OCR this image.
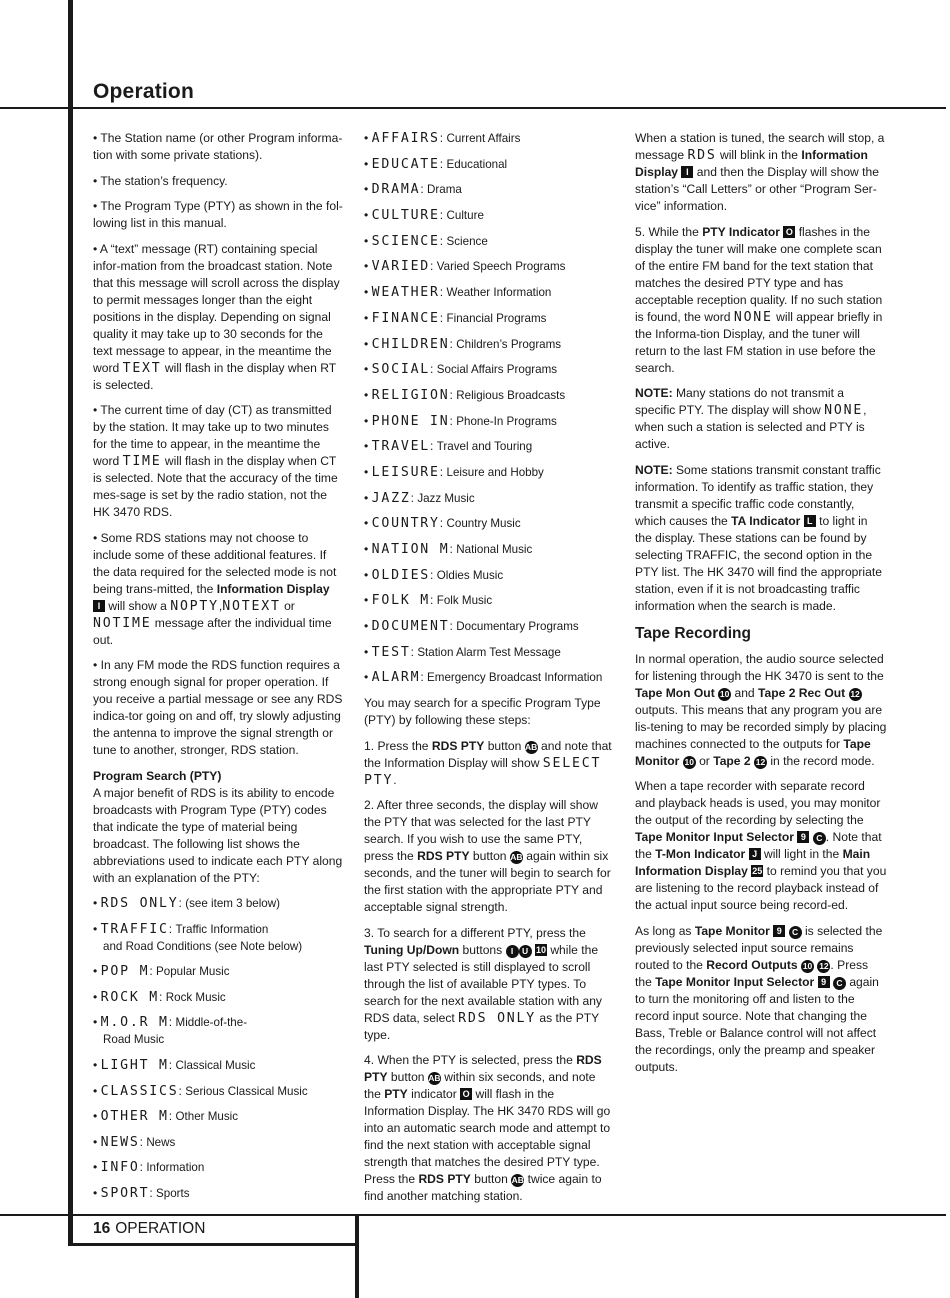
Operation

• The Station name (or other Program informa-tion with some private stations).

• The station’s frequency.

• The Program Type (PTY) as shown in the fol-lowing list in this manual.

• A “text” message (RT) containing special infor-mation from the broadcast station. Note that this message will scroll across the display to permit messages longer than the eight positions in the display. Depending on signal quality it may take up to 30 seconds for the text message to appear, in the meantime the word TEXT will flash in the display when RT is selected.

• The current time of day (CT) as transmitted by the station. It may take up to two minutes for the time to appear, in the meantime the word TIME will flash in the display when CT is selected. Note that the accuracy of the time mes-sage is set by the radio station, not the HK 3470 RDS.

• Some RDS stations may not choose to include some of these additional features. If the data required for the selected mode is not being trans-mitted, the Information Display I will show a NOPTY,NOTEXT or NOTIME message after the individual time out.

• In any FM mode the RDS function requires a strong enough signal for proper operation. If you receive a partial message or see any RDS indica-tor going on and off, try slowly adjusting the antenna to improve the signal strength or tune to another, stronger, RDS station.

Program Search (PTY)

A major benefit of RDS is its ability to encode broadcasts with Program Type (PTY) codes that indicate the type of material being broadcast. The following list shows the abbreviations used to indicate each PTY along with an explanation of the PTY:

• RDS ONLY: (see item 3 below)
• TRAFFIC: Traffic Information
and Road Conditions (see Note below)
• POP M: Popular Music
• ROCK M: Rock Music
• M.O.R M: Middle-of-the-
Road Music
• LIGHT M: Classical Music
• CLASSICS: Serious Classical Music
• OTHER M: Other Music
• NEWS: News
• INFO: Information
• SPORT: Sports
• AFFAIRS: Current Affairs
• EDUCATE: Educational
• DRAMA: Drama
• CULTURE: Culture
• SCIENCE: Science
• VARIED: Varied Speech Programs
• WEATHER: Weather Information
• FINANCE: Financial Programs
• CHILDREN: Children’s Programs
• SOCIAL: Social Affairs Programs
• RELIGION: Religious Broadcasts
• PHONE IN: Phone-In Programs
• TRAVEL: Travel and Touring
• LEISURE: Leisure and Hobby
• JAZZ: Jazz Music
• COUNTRY: Country Music
• NATION M: National Music
• OLDIES: Oldies Music
• FOLK M: Folk Music
• DOCUMENT: Documentary Programs
• TEST: Station Alarm Test Message
• ALARM: Emergency Broadcast Information

You may search for a specific Program Type (PTY) by following these steps:

1. Press the RDS PTY button AB and note that the Information Display will show SELECT PTY.

2. After three seconds, the display will show the PTY that was selected for the last PTY search. If you wish to use the same PTY, press the RDS PTY button AB again within six seconds, and the tuner will begin to search for the first station with the appropriate PTY and acceptable signal strength.

3. To search for a different PTY, press the Tuning Up/Down buttons I U 10 while the last PTY selected is still displayed to scroll through the list of available PTY types. To search for the next available station with any RDS data, select RDS ONLY as the PTY type.

4. When the PTY is selected, press the RDS PTY button AB within six seconds, and note the PTY indicator O will flash in the Information Display. The HK 3470 RDS will go into an automatic search mode and attempt to find the next station with acceptable signal strength that matches the desired PTY type. Press the RDS PTY button AB twice again to find another matching station.

When a station is tuned, the search will stop, a message RDS will blink in the Information Display I and then the Display will show the station’s “Call Letters” or other “Program Ser-vice” information.

5. While the PTY Indicator O flashes in the display the tuner will make one complete scan of the entire FM band for the text station that matches the desired PTY type and has acceptable reception quality. If no such station is found, the word NONE will appear briefly in the Informa-tion Display, and the tuner will return to the last FM station in use before the search.

NOTE: Many stations do not transmit a specific PTY. The display will show NONE, when such a station is selected and PTY is active.

NOTE: Some stations transmit constant traffic information. To identify as traffic station, they transmit a specific traffic code constantly, which causes the TA Indicator L to light in the display. These stations can be found by selecting TRAFFIC, the second option in the PTY list. The HK 3470 will find the appropriate station, even if it is not broadcasting traffic information when the search is made.

Tape Recording

In normal operation, the audio source selected for listening through the HK 3470 is sent to the Tape Mon Out 10 and Tape 2 Rec Out 12 outputs. This means that any program you are lis-tening to may be recorded simply by placing machines connected to the outputs for Tape Monitor 10 or Tape 2 12 in the record mode.

When a tape recorder with separate record and playback heads is used, you may monitor the output of the recording by selecting the Tape Monitor Input Selector 9 C . Note that the T-Mon Indicator J will light in the Main Information Display 25 to remind you that you are listening to the record playback instead of the actual input source being record-ed.

As long as Tape Monitor 9 C is selected the previously selected input source remains routed to the Record Outputs 10 12 . Press the Tape Monitor Input Selector 9 C again to turn the monitoring off and listen to the record input source. Note that changing the Bass, Treble or Balance control will not affect the recordings, only the preamp and speaker outputs.

16 OPERATION
